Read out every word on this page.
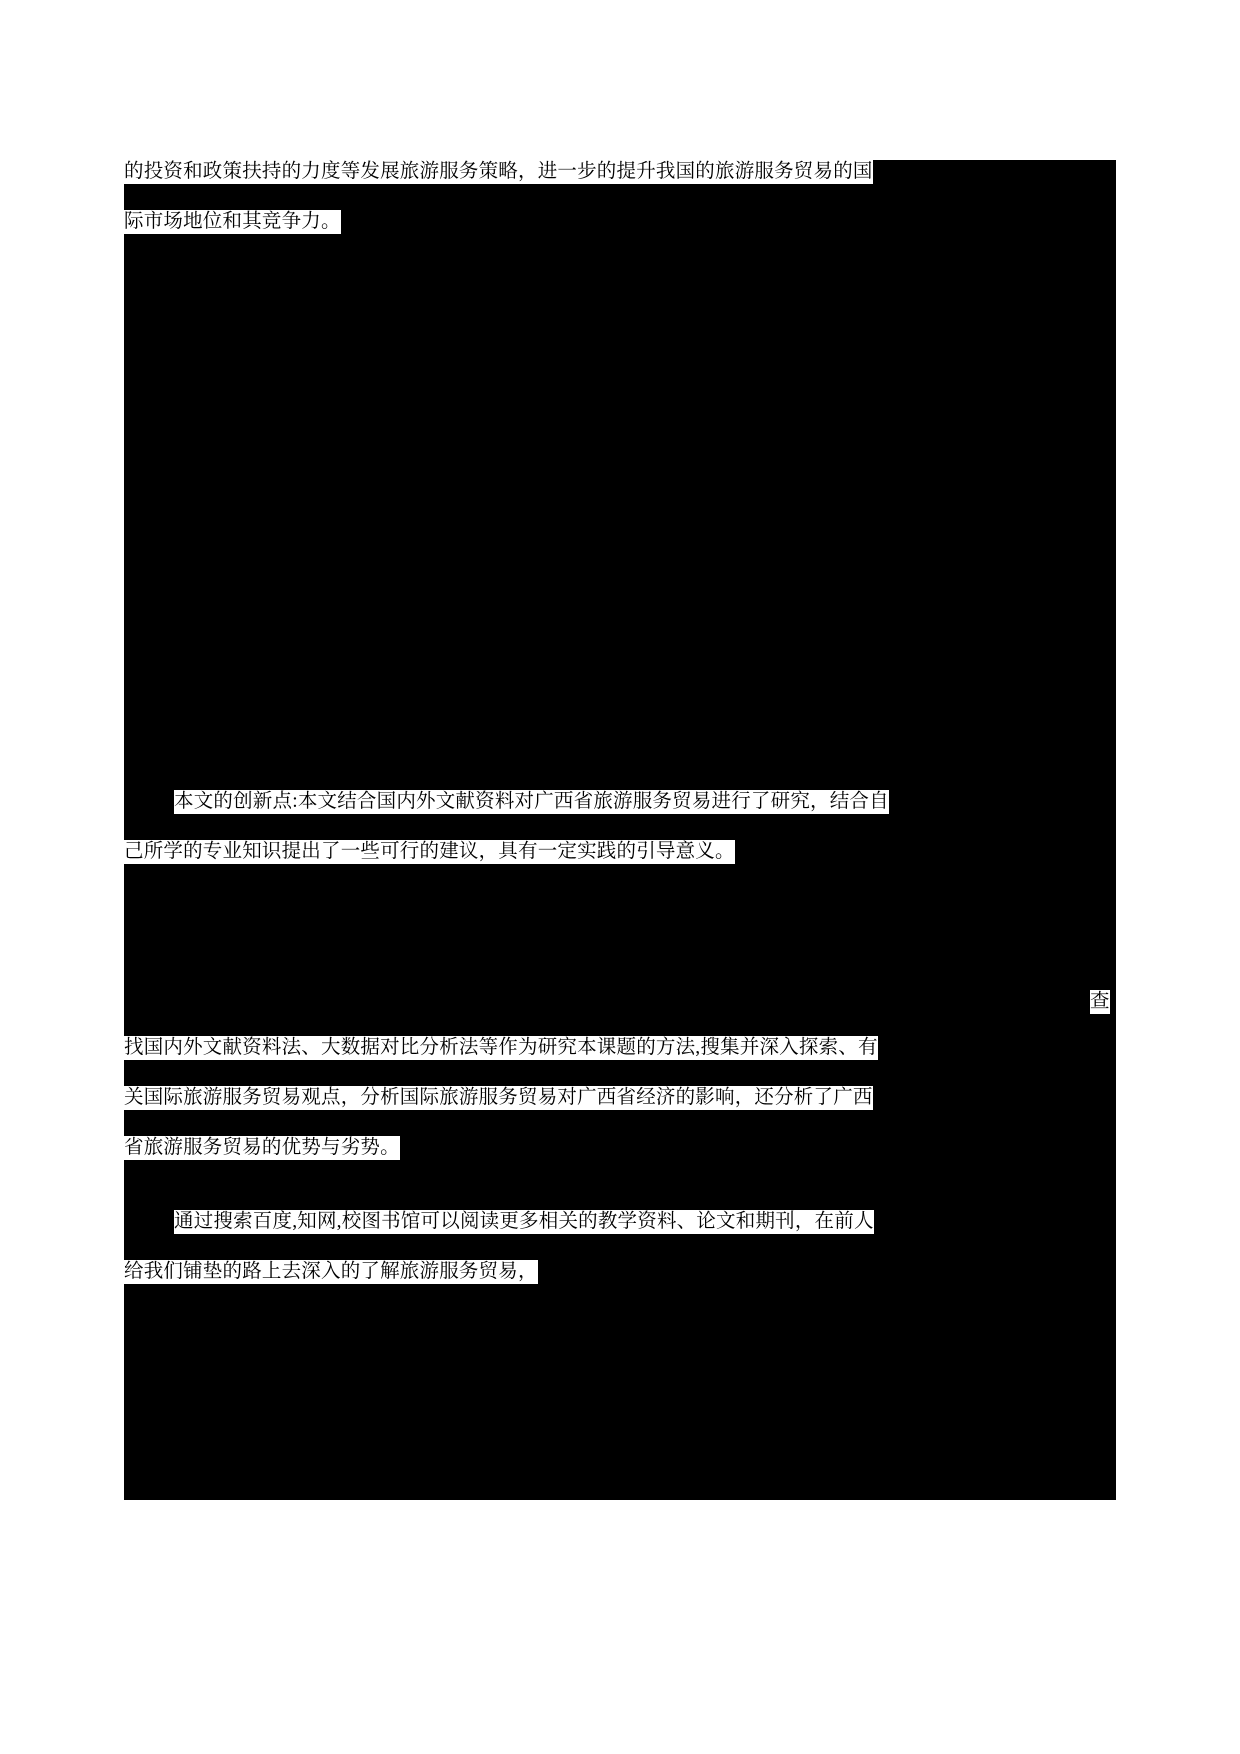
的投资和政策扶持的力度等发展旅游服务策略，进一步的提升我国的旅游服务贸易的国
际市场地位和其竞争力。
本文的创新点:本文结合国内外文献资料对广西省旅游服务贸易进行了研究，结合自
己所学的专业知识提出了一些可行的建议，具有一定实践的引导意义。
查
找国内外文献资料法、大数据对比分析法等作为研究本课题的方法,搜集并深入探索、有
关国际旅游服务贸易观点，分析国际旅游服务贸易对广西省经济的影响，还分析了广西
省旅游服务贸易的优势与劣势。
通过搜索百度,知网,校图书馆可以阅读更多相关的教学资料、论文和期刊，在前人
给我们铺垫的路上去深入的了解旅游服务贸易，
